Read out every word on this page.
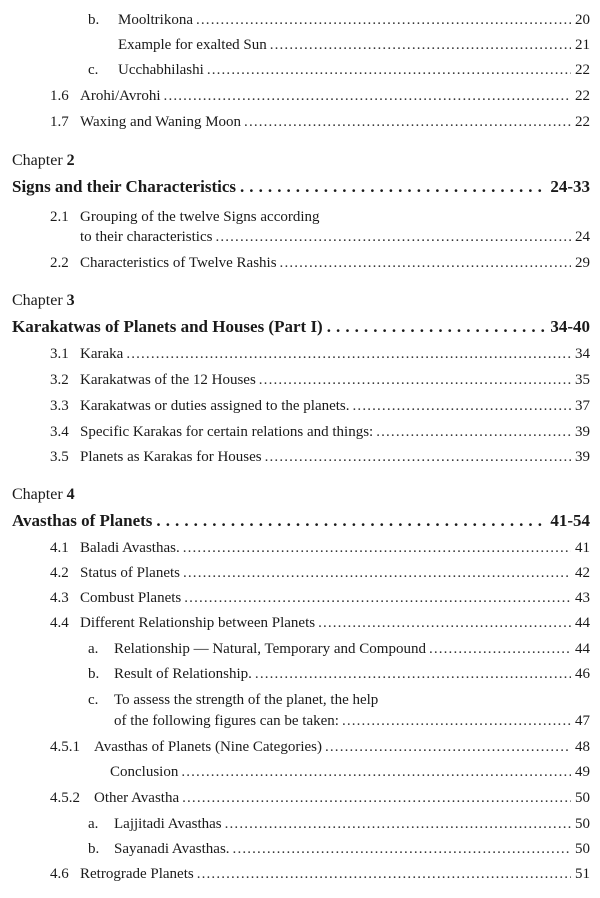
b.	Mooltrikona . . .	20
Example for exalted Sun . . .	21
c.	Ucchabhilashi . . .	22
1.6 Arohi/Avrohi . . .	22
1.7 Waxing and Waning Moon . . .	22
Chapter 2
Signs and their Characteristics . . .	24-33
2.1 Grouping of the twelve Signs according
to their characteristics . . .	24
2.2 Characteristics of Twelve Rashis . . .	29
Chapter 3
Karakatwas of Planets and Houses (Part I) . . .	34-40
3.1 Karaka . . .	34
3.2 Karakatwas of the 12 Houses . . .	35
3.3 Karakatwas or duties assigned to the planets. . . .	37
3.4 Specific Karakas for certain relations and things: . . .	39
3.5 Planets as Karakas for Houses . . .	39
Chapter 4
Avasthas of Planets . . .	41-54
4.1 Baladi Avasthas. . . .	41
4.2 Status of Planets . . .	42
4.3 Combust Planets . . .	43
4.4 Different Relationship between Planets . . .	44
a.	Relationship — Natural, Temporary and Compound . . .	44
b. Result of Relationship. . . .	46
c. To assess the strength of the planet, the help
of the following figures can be taken: . . .	47
4.5.1 Avasthas of Planets (Nine Categories) . . .	48
Conclusion . . .	49
4.5.2 Other Avastha . . .	50
a.	Lajjitadi Avasthas . . .	50
b. Sayanadi Avasthas. . . .	50
4.6 Retrograde Planets . . .	51
